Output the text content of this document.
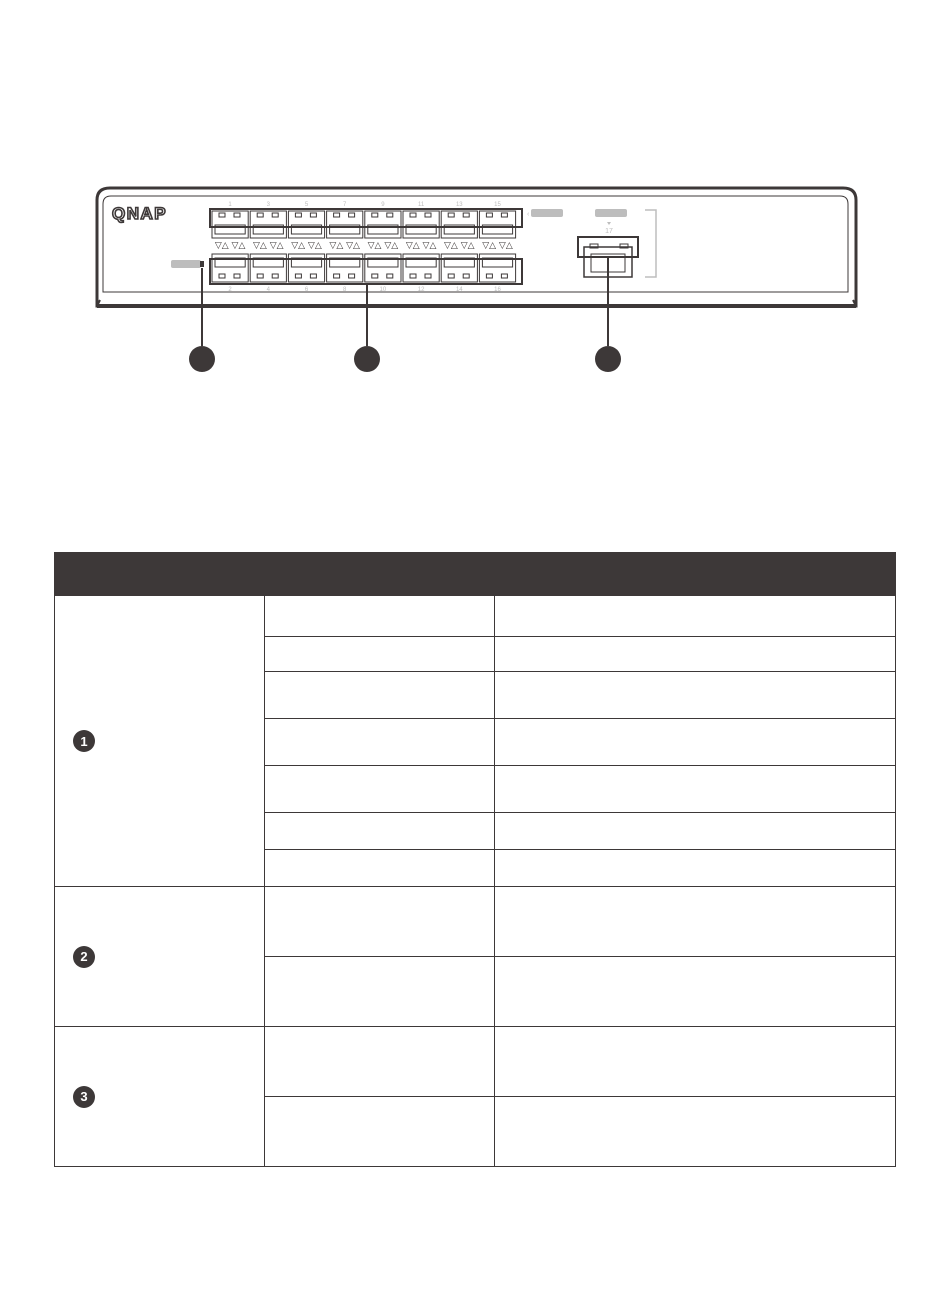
QNAP	1
▽△ ▽△
3
▽△ ▽△
5
▽△ ▽△
7
▽△ ▽△
9
▽△ ▽△
11
▽△ ▽△
13
▽△ ▽△
15
▽△ ▽△
2	4	6	8	10	12	14	16
‹
17

1		

2		

3		
